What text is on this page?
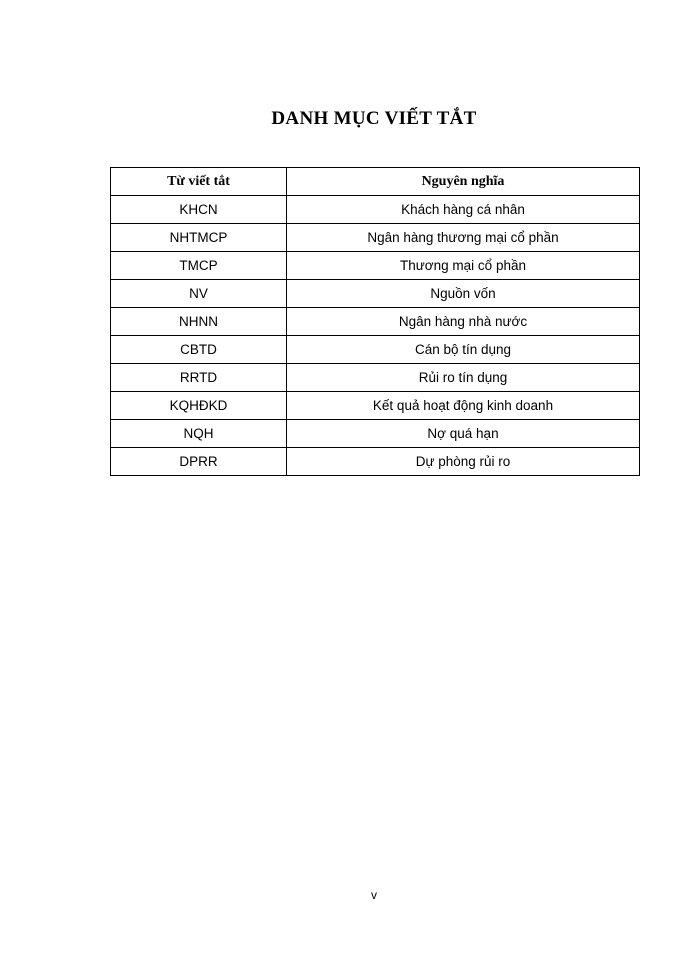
DANH MỤC VIẾT TẮT
Từ viết tắt	Nguyên nghĩa
KHCN	Khách hàng cá nhân
NHTMCP	Ngân hàng thương mại cổ phần
TMCP	Thương mại cổ phần
NV	Nguồn vốn
NHNN	Ngân hàng nhà nước
CBTD	Cán bộ tín dụng
RRTD	Rủi ro tín dụng
KQHĐKD	Kết quả hoạt động kinh doanh
NQH	Nợ quá hạn
DPRR	Dự phòng rủi ro
v
